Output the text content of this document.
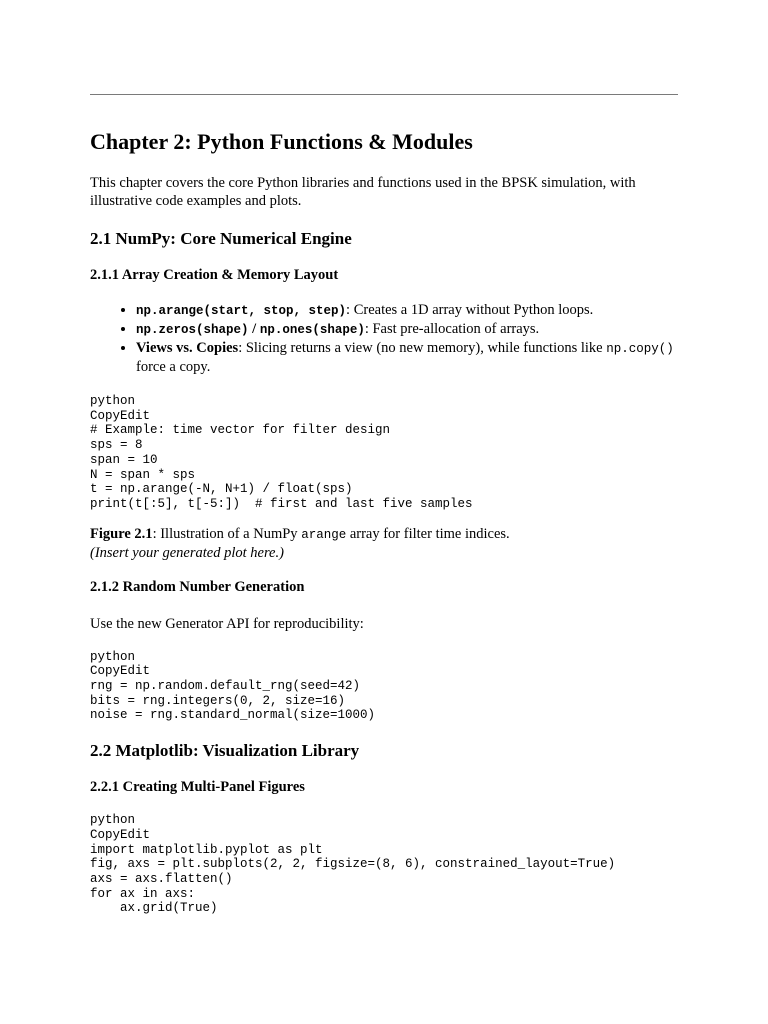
Chapter 2: Python Functions & Modules

This chapter covers the core Python libraries and functions used in the BPSK simulation, with illustrative code examples and plots.

2.1 NumPy: Core Numerical Engine
2.1.1 Array Creation & Memory Layout
• np.arange(start, stop, step): Creates a 1D array without Python loops.
• np.zeros(shape) / np.ones(shape): Fast pre-allocation of arrays.
• Views vs. Copies: Slicing returns a view (no new memory), while functions like np.copy() force a copy.
python
CopyEdit
# Example: time vector for filter design
sps = 8
span = 10
N = span * sps
t = np.arange(-N, N+1) / float(sps)
print(t[:5], t[-5:])  # first and last five samples
Figure 2.1: Illustration of a NumPy arange array for filter time indices.
(Insert your generated plot here.)
2.1.2 Random Number Generation

Use the new Generator API for reproducibility:

python
CopyEdit
rng = np.random.default_rng(seed=42)
bits = rng.integers(0, 2, size=16)
noise = rng.standard_normal(size=1000)
2.2 Matplotlib: Visualization Library
2.2.1 Creating Multi-Panel Figures
python
CopyEdit
import matplotlib.pyplot as plt
fig, axs = plt.subplots(2, 2, figsize=(8, 6), constrained_layout=True)
axs = axs.flatten()
for ax in axs:
ax.grid(True)
